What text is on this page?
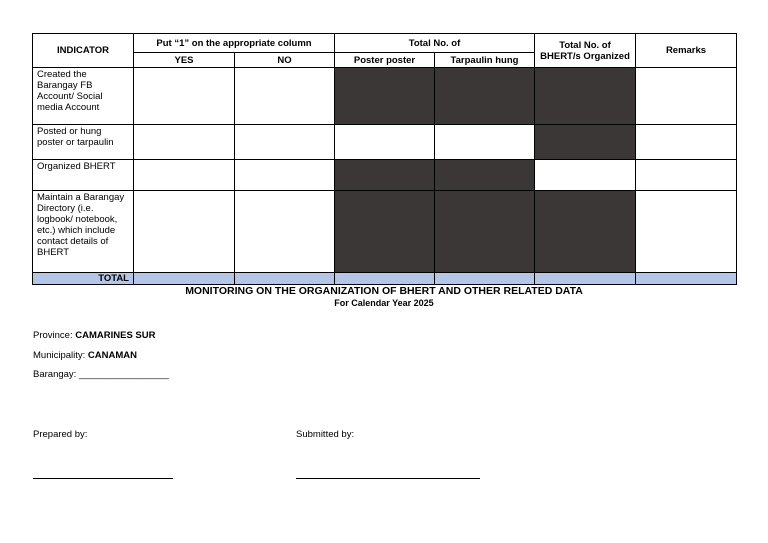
INDICATOR	Put “1” on the appropriate column		Total No. of		Total No. of BHERT/s Organized	Remarks
	YES	NO	Poster poster	Tarpaulin hung		
Created the Barangay FB Account/ Social media Account						
Posted or hung poster or tarpaulin						
Organized BHERT						
Maintain a Barangay Directory (i.e. logbook/ notebook, etc.) which include contact details of BHERT						
TOTAL						
MONITORING ON THE ORGANIZATION OF BHERT AND OTHER RELATED DATA
For Calendar Year 2025
Province: CAMARINES SUR
Municipality: CANAMAN
Barangay: _________________
Prepared by:	Submitted by:
